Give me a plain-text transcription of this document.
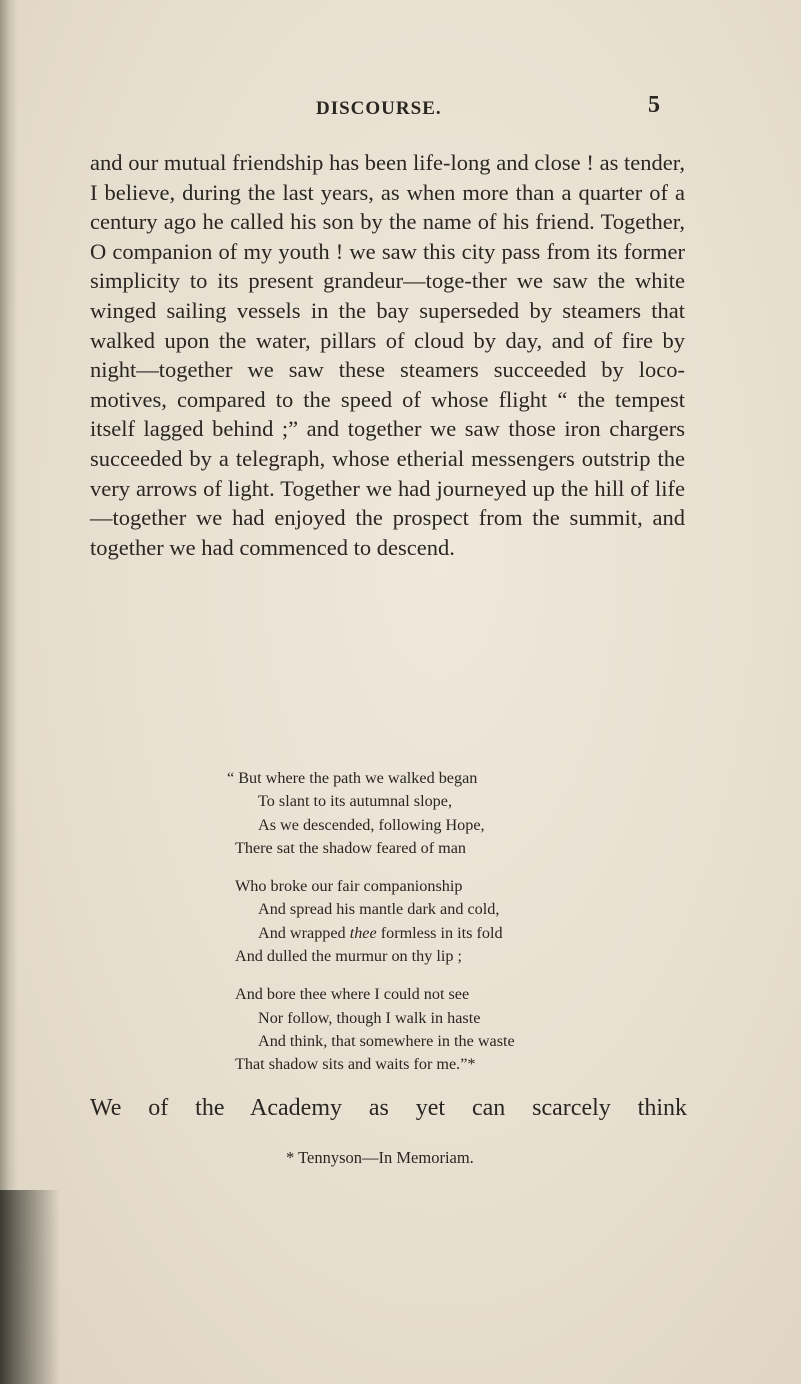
DISCOURSE.	5

and our mutual friendship has been life-long and close ! as tender, I believe, during the last years, as when more than a quarter of a century ago he called his son by the name of his friend. Together, O companion of my youth ! we saw this city pass from its former simplicity to its present grandeur—toge-ther we saw the white winged sailing vessels in the bay superseded by steamers that walked upon the water, pillars of cloud by day, and of fire by night—together we saw these steamers succeeded by loco-motives, compared to the speed of whose flight “ the tempest itself lagged behind ;” and together we saw those iron chargers succeeded by a telegraph, whose etherial messengers outstrip the very arrows of light. Together we had journeyed up the hill of life—together we had enjoyed the prospect from the summit, and together we had commenced to descend.

“ But where the path we walked began
To slant to its autumnal slope,
As we descended, following Hope,
There sat the shadow feared of man
Who broke our fair companionship
And spread his mantle dark and cold,
And wrapped thee formless in its fold
And dulled the murmur on thy lip ;
And bore thee where I could not see
Nor follow, though I walk in haste
And think, that somewhere in the waste
That shadow sits and waits for me.”*

We of the Academy as yet can scarcely think

* Tennyson—In Memoriam.
